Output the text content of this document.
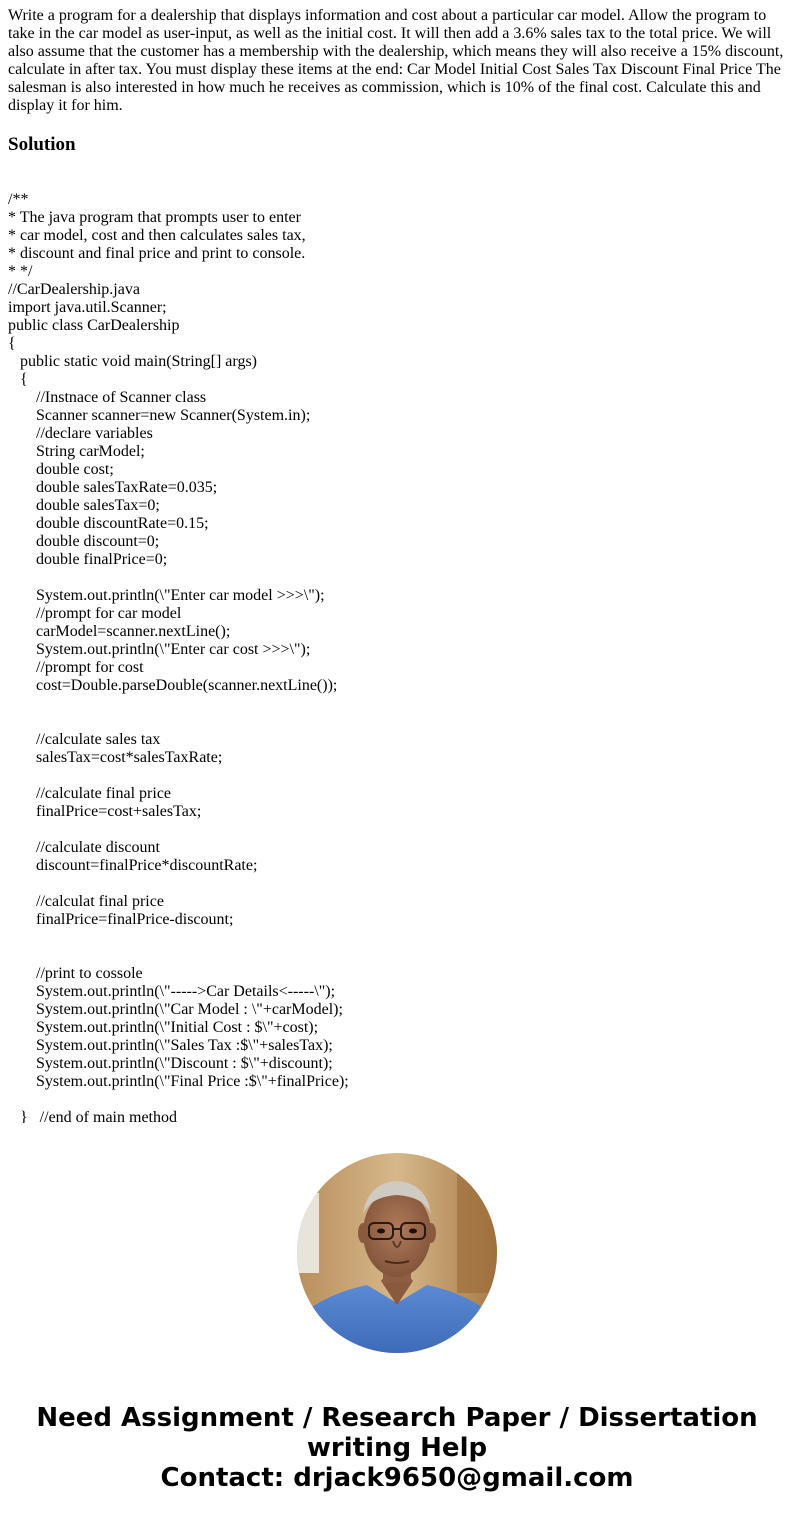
Write a program for a dealership that displays information and cost about a particular car model. Allow the program to take in the car model as user-input, as well as the initial cost. It will then add a 3.6% sales tax to the total price. We will also assume that the customer has a membership with the dealership, which means they will also receive a 15% discount, calculate in after tax. You must display these items at the end: Car Model Initial Cost Sales Tax Discount Final Price The salesman is also interested in how much he receives as commission, which is 10% of the final cost. Calculate this and display it for him.

Solution
/**
* The java program that prompts user to enter
* car model, cost and then calculates sales tax,
* discount and final price and print to console.
* */
//CarDealership.java
import java.util.Scanner;
public class CarDealership
{
public static void main(String[] args)
{
//Instnace of Scanner class
Scanner scanner=new Scanner(System.in);
//declare variables
String carModel;
double cost;
double salesTaxRate=0.035;
double salesTax=0;
double discountRate=0.15;
double discount=0;
double finalPrice=0;
System.out.println(\"Enter car model >>>\");
//prompt for car model
carModel=scanner.nextLine();
System.out.println(\"Enter car cost >>>\");
//prompt for cost
cost=Double.parseDouble(scanner.nextLine());
//calculate sales tax
salesTax=cost*salesTaxRate;
//calculate final price
finalPrice=cost+salesTax;
//calculate discount
discount=finalPrice*discountRate;
//calculat final price
finalPrice=finalPrice-discount;
//print to cossole
System.out.println(\"----->Car Details<-----\");
System.out.println(\"Car Model : \"+carModel);
System.out.println(\"Initial Cost : $\"+cost);
System.out.println(\"Sales Tax :$\"+salesTax);
System.out.println(\"Discount : $\"+discount);
System.out.println(\"Final Price :$\"+finalPrice);
}   //end of main method
Need Assignment / Research Paper / Dissertation
writing Help
Contact: drjack9650@gmail.com
